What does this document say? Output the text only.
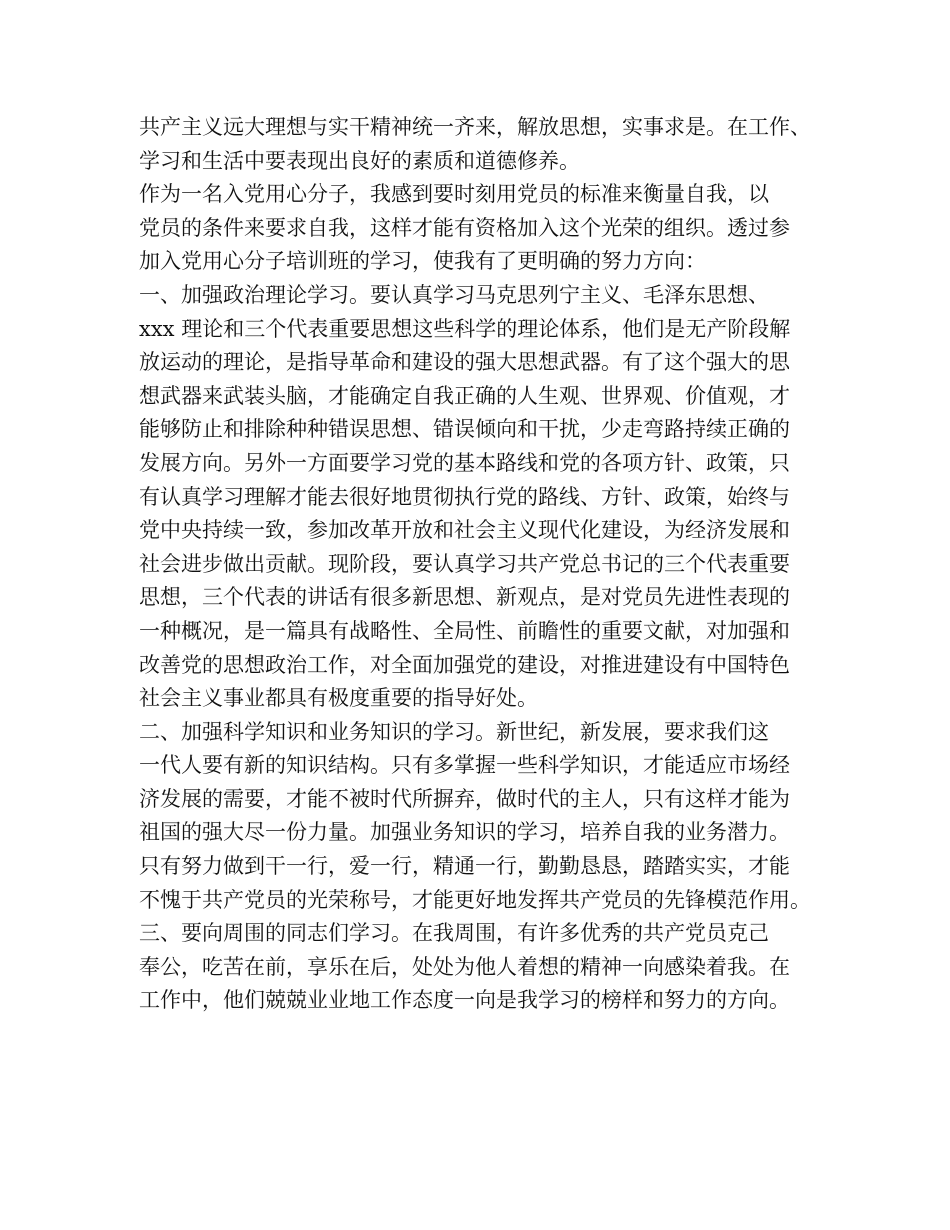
共产主义远大理想与实干精神统一齐来，解放思想，实事求是。在工作、
学习和生活中要表现出良好的素质和道德修养。
作为一名入党用心分子，我感到要时刻用党员的标准来衡量自我，以
党员的条件来要求自我，这样才能有资格加入这个光荣的组织。透过参
加入党用心分子培训班的学习，使我有了更明确的努力方向：
一、加强政治理论学习。要认真学习马克思列宁主义、毛泽东思想、
xxx 理论和三个代表重要思想这些科学的理论体系，他们是无产阶段解
放运动的理论，是指导革命和建设的强大思想武器。有了这个强大的思
想武器来武装头脑，才能确定自我正确的人生观、世界观、价值观，才
能够防止和排除种种错误思想、错误倾向和干扰，少走弯路持续正确的
发展方向。另外一方面要学习党的基本路线和党的各项方针、政策，只
有认真学习理解才能去很好地贯彻执行党的路线、方针、政策，始终与
党中央持续一致，参加改革开放和社会主义现代化建设，为经济发展和
社会进步做出贡献。现阶段，要认真学习共产党总书记的三个代表重要
思想，三个代表的讲话有很多新思想、新观点，是对党员先进性表现的
一种概况，是一篇具有战略性、全局性、前瞻性的重要文献，对加强和
改善党的思想政治工作，对全面加强党的建设，对推进建设有中国特色
社会主义事业都具有极度重要的指导好处。
二、加强科学知识和业务知识的学习。新世纪，新发展，要求我们这
一代人要有新的知识结构。只有多掌握一些科学知识，才能适应市场经
济发展的需要，才能不被时代所摒弃，做时代的主人，只有这样才能为
祖国的强大尽一份力量。加强业务知识的学习，培养自我的业务潜力。
只有努力做到干一行，爱一行，精通一行，勤勤恳恳，踏踏实实，才能
不愧于共产党员的光荣称号，才能更好地发挥共产党员的先锋模范作用。
三、要向周围的同志们学习。在我周围，有许多优秀的共产党员克己
奉公，吃苦在前，享乐在后，处处为他人着想的精神一向感染着我。在
工作中，他们兢兢业业地工作态度一向是我学习的榜样和努力的方向。
